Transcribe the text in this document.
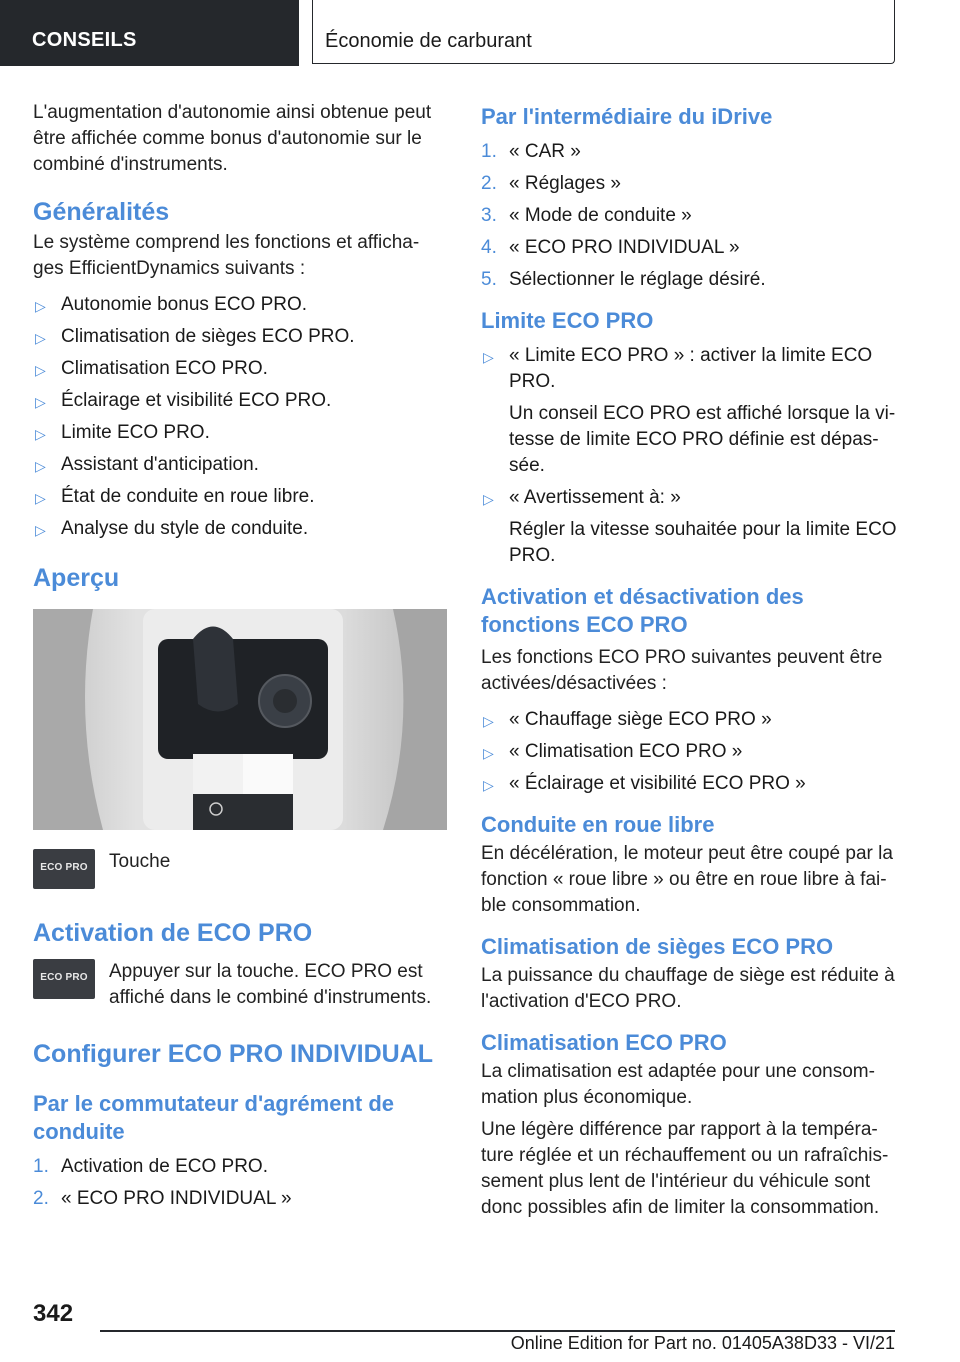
CONSEILS	Économie de carburant

L'augmentation d'autonomie ainsi obtenue peut être affichée comme bonus d'autonomie sur le combiné d'instruments.

Généralités

Le système comprend les fonctions et afficha-ges EfficientDynamics suivants :

▷ Autonomie bonus ECO PRO.
▷ Climatisation de sièges ECO PRO.
▷ Climatisation ECO PRO.
▷ Éclairage et visibilité ECO PRO.
▷ Limite ECO PRO.
▷ Assistant d'anticipation.
▷ État de conduite en roue libre.
▷ Analyse du style de conduite.
Aperçu
ECO PRO	Touche

Activation de ECO PRO
ECO PRO	Appuyer sur la touche. ECO PRO est affiché dans le combiné d'instruments.

Configurer ECO PRO INDIVIDUAL
Par le commutateur d'agrément de conduite
1. Activation de ECO PRO.
2. « ECO PRO INDIVIDUAL »
Par l'intermédiaire du iDrive
1. « CAR »
2. « Réglages »
3. « Mode de conduite »
4. « ECO PRO INDIVIDUAL »
5. Sélectionner le réglage désiré.
Limite ECO PRO
▷ « Limite ECO PRO » : activer la limite ECO PRO.
Un conseil ECO PRO est affiché lorsque la vi-tesse de limite ECO PRO définie est dépas-sée.
▷ « Avertissement à: »
Régler la vitesse souhaitée pour la limite ECO PRO.
Activation et désactivation des fonctions ECO PRO

Les fonctions ECO PRO suivantes peuvent être activées/désactivées :

▷ « Chauffage siège ECO PRO »
▷ « Climatisation ECO PRO »
▷ « Éclairage et visibilité ECO PRO »
Conduite en roue libre

En décélération, le moteur peut être coupé par la fonction « roue libre » ou être en roue libre à fai-ble consommation.

Climatisation de sièges ECO PRO

La puissance du chauffage de siège est réduite à l'activation d'ECO PRO.

Climatisation ECO PRO

La climatisation est adaptée pour une consom-mation plus économique.

Une légère différence par rapport à la tempéra-ture réglée et un réchauffement ou un rafraîchis-sement plus lent de l'intérieur du véhicule sont donc possibles afin de limiter la consommation.

342
Online Edition for Part no. 01405A38D33 - VI/21
